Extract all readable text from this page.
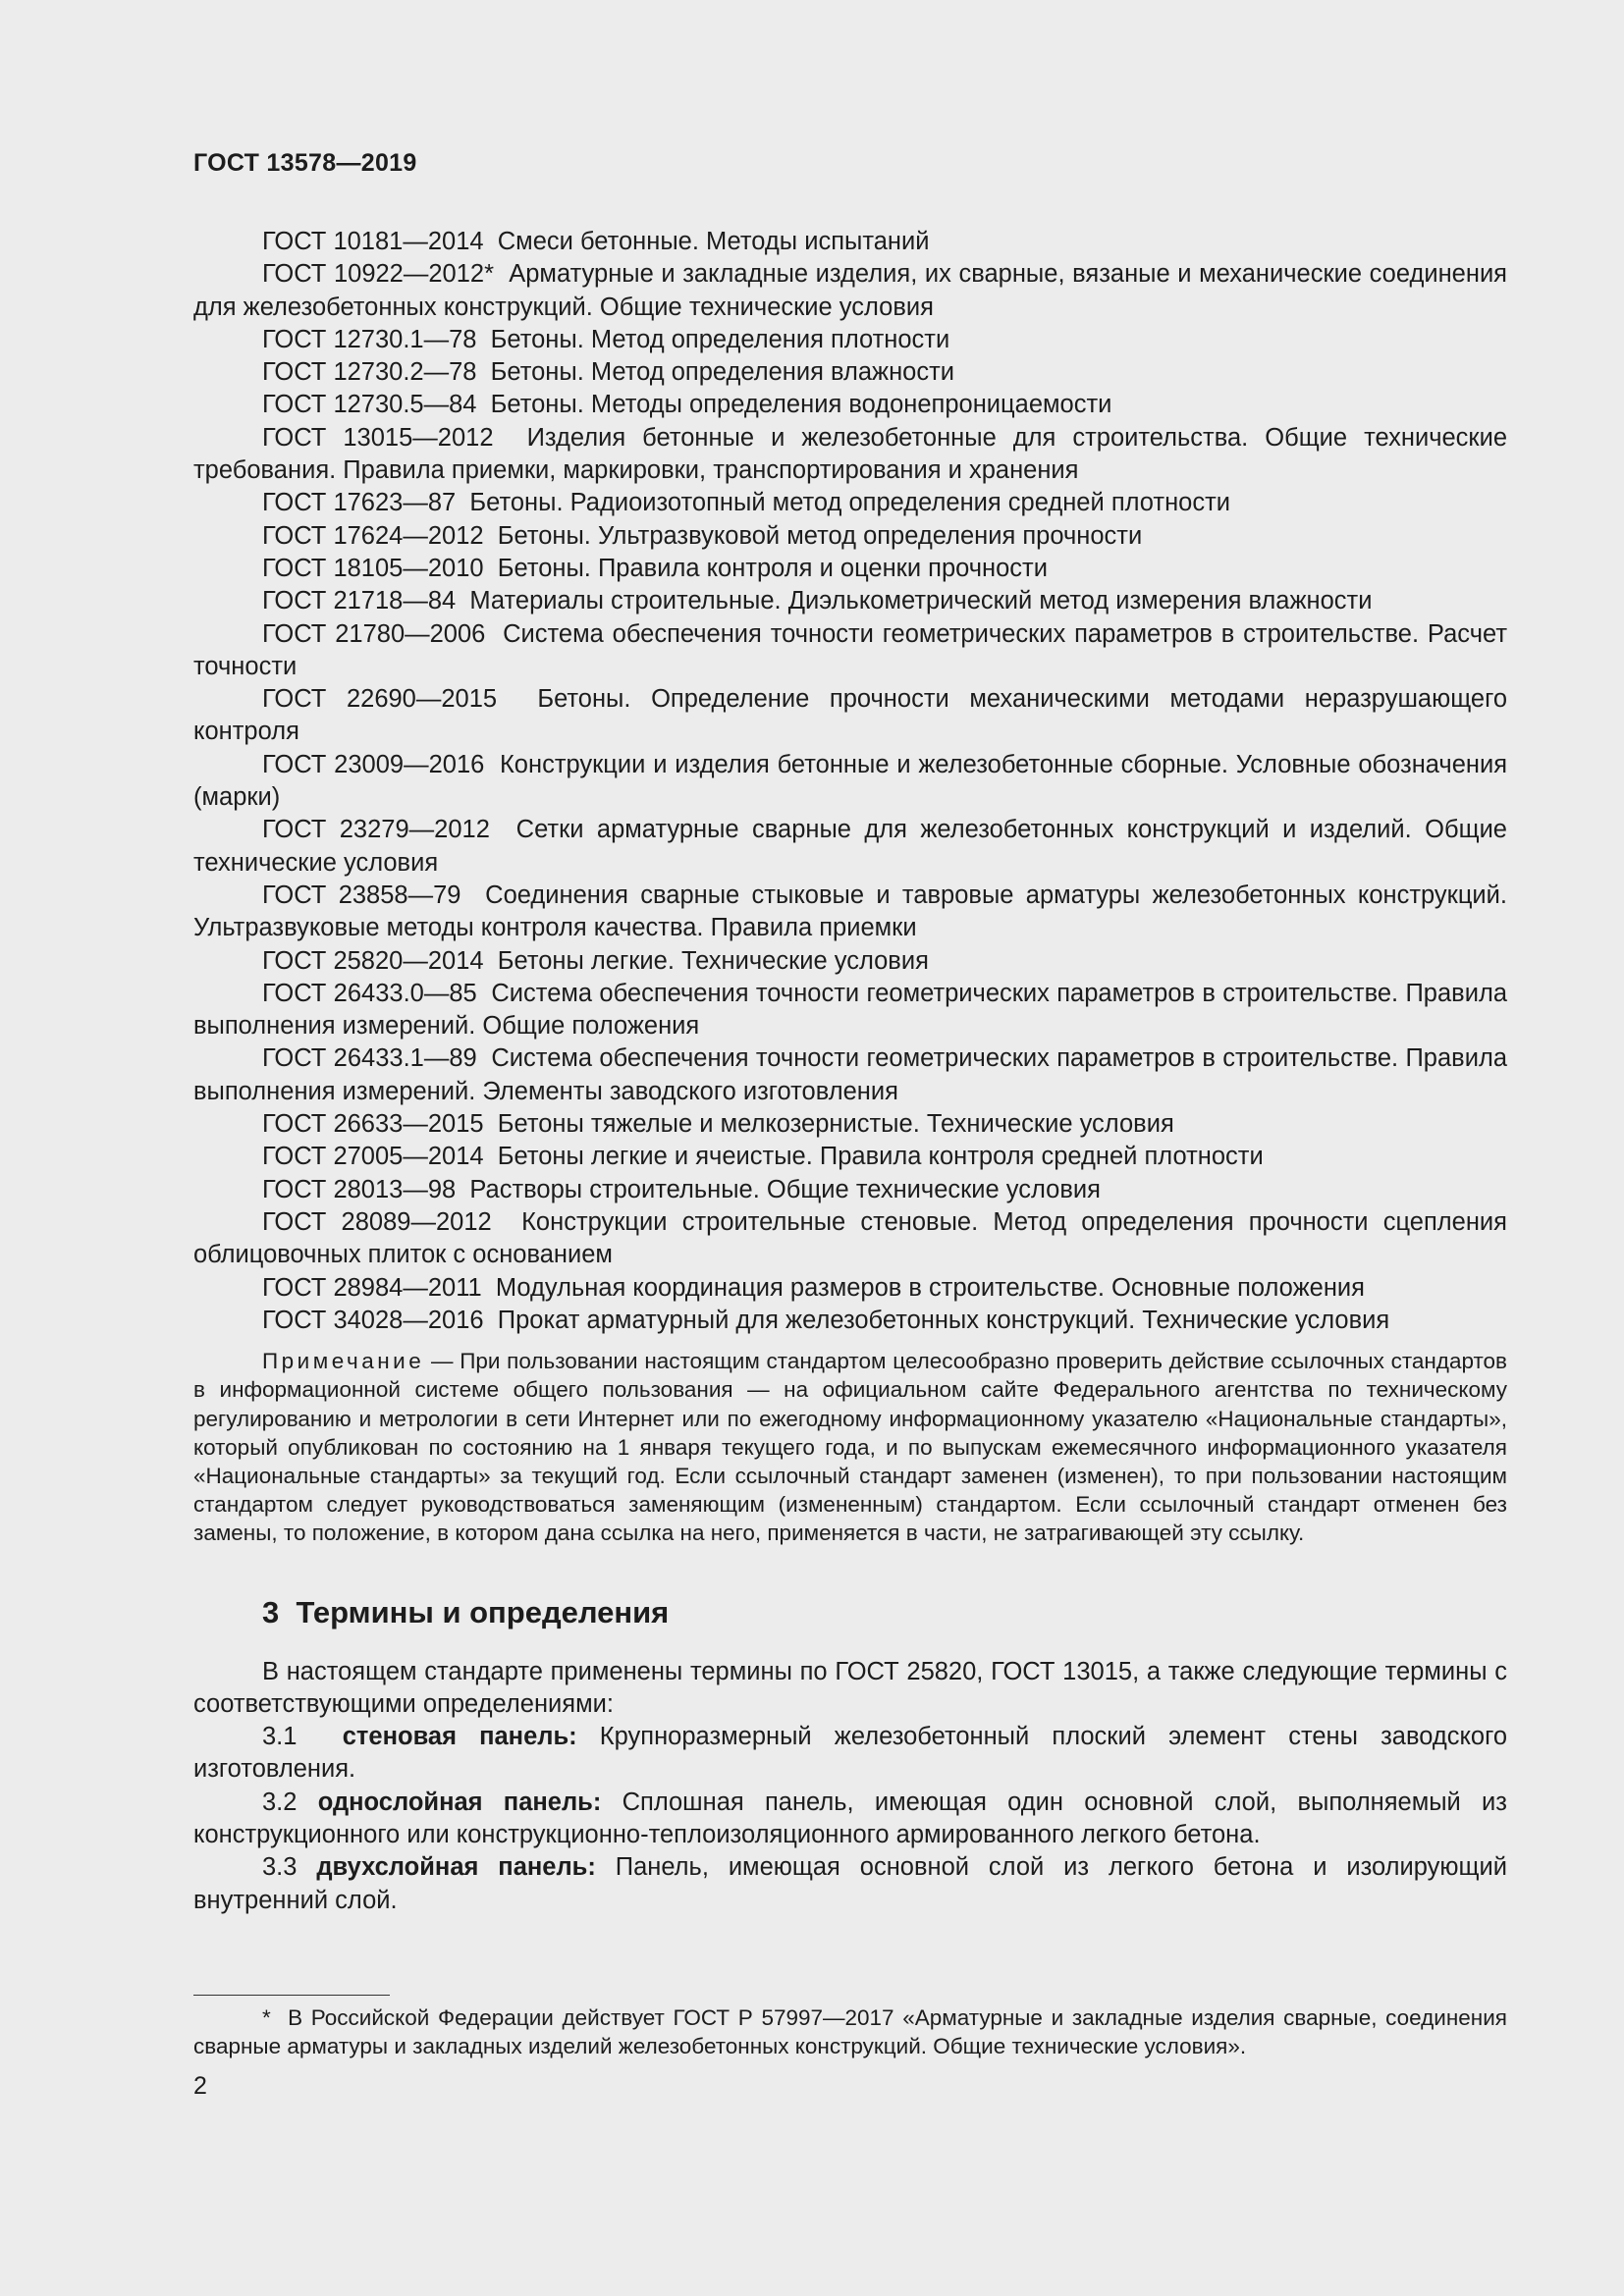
ГОСТ 13578—2019

ГОСТ 10181—2014 Смеси бетонные. Методы испытаний

ГОСТ 10922—2012* Арматурные и закладные изделия, их сварные, вязаные и механические соединения для железобетонных конструкций. Общие технические условия

ГОСТ 12730.1—78 Бетоны. Метод определения плотности

ГОСТ 12730.2—78 Бетоны. Метод определения влажности

ГОСТ 12730.5—84 Бетоны. Методы определения водонепроницаемости

ГОСТ 13015—2012 Изделия бетонные и железобетонные для строительства. Общие технические требования. Правила приемки, маркировки, транспортирования и хранения

ГОСТ 17623—87 Бетоны. Радиоизотопный метод определения средней плотности

ГОСТ 17624—2012 Бетоны. Ультразвуковой метод определения прочности

ГОСТ 18105—2010 Бетоны. Правила контроля и оценки прочности

ГОСТ 21718—84 Материалы строительные. Диэлькометрический метод измерения влажности

ГОСТ 21780—2006 Система обеспечения точности геометрических параметров в строительстве. Расчет точности

ГОСТ 22690—2015 Бетоны. Определение прочности механическими методами неразрушающего контроля

ГОСТ 23009—2016 Конструкции и изделия бетонные и железобетонные сборные. Условные обозначения (марки)

ГОСТ 23279—2012 Сетки арматурные сварные для железобетонных конструкций и изделий. Общие технические условия

ГОСТ 23858—79 Соединения сварные стыковые и тавровые арматуры железобетонных конструкций. Ультразвуковые методы контроля качества. Правила приемки

ГОСТ 25820—2014 Бетоны легкие. Технические условия

ГОСТ 26433.0—85 Система обеспечения точности геометрических параметров в строительстве. Правила выполнения измерений. Общие положения

ГОСТ 26433.1—89 Система обеспечения точности геометрических параметров в строительстве. Правила выполнения измерений. Элементы заводского изготовления

ГОСТ 26633—2015 Бетоны тяжелые и мелкозернистые. Технические условия

ГОСТ 27005—2014 Бетоны легкие и ячеистые. Правила контроля средней плотности

ГОСТ 28013—98 Растворы строительные. Общие технические условия

ГОСТ 28089—2012 Конструкции строительные стеновые. Метод определения прочности сцепления облицовочных плиток с основанием

ГОСТ 28984—2011 Модульная координация размеров в строительстве. Основные положения

ГОСТ 34028—2016 Прокат арматурный для железобетонных конструкций. Технические условия

Примечание — При пользовании настоящим стандартом целесообразно проверить действие ссылочных стандартов в информационной системе общего пользования — на официальном сайте Федерального агентства по техническому регулированию и метрологии в сети Интернет или по ежегодному информационному указателю «Национальные стандарты», который опубликован по состоянию на 1 января текущего года, и по выпускам ежемесячного информационного указателя «Национальные стандарты» за текущий год. Если ссылочный стандарт заменен (изменен), то при пользовании настоящим стандартом следует руководствоваться заменяющим (измененным) стандартом. Если ссылочный стандарт отменен без замены, то положение, в котором дана ссылка на него, применяется в части, не затрагивающей эту ссылку.
3 Термины и определения
В настоящем стандарте применены термины по ГОСТ 25820, ГОСТ 13015, а также следующие термины с соответствующими определениями:

3.1 стеновая панель: Крупноразмерный железобетонный плоский элемент стены заводского изготовления.

3.2 однослойная панель: Сплошная панель, имеющая один основной слой, выполняемый из конструкционного или конструкционно-теплоизоляционного армированного легкого бетона.

3.3 двухслойная панель: Панель, имеющая основной слой из легкого бетона и изолирующий внутренний слой.

* В Российской Федерации действует ГОСТ Р 57997—2017 «Арматурные и закладные изделия сварные, соединения сварные арматуры и закладных изделий железобетонных конструкций. Общие технические условия».
2
